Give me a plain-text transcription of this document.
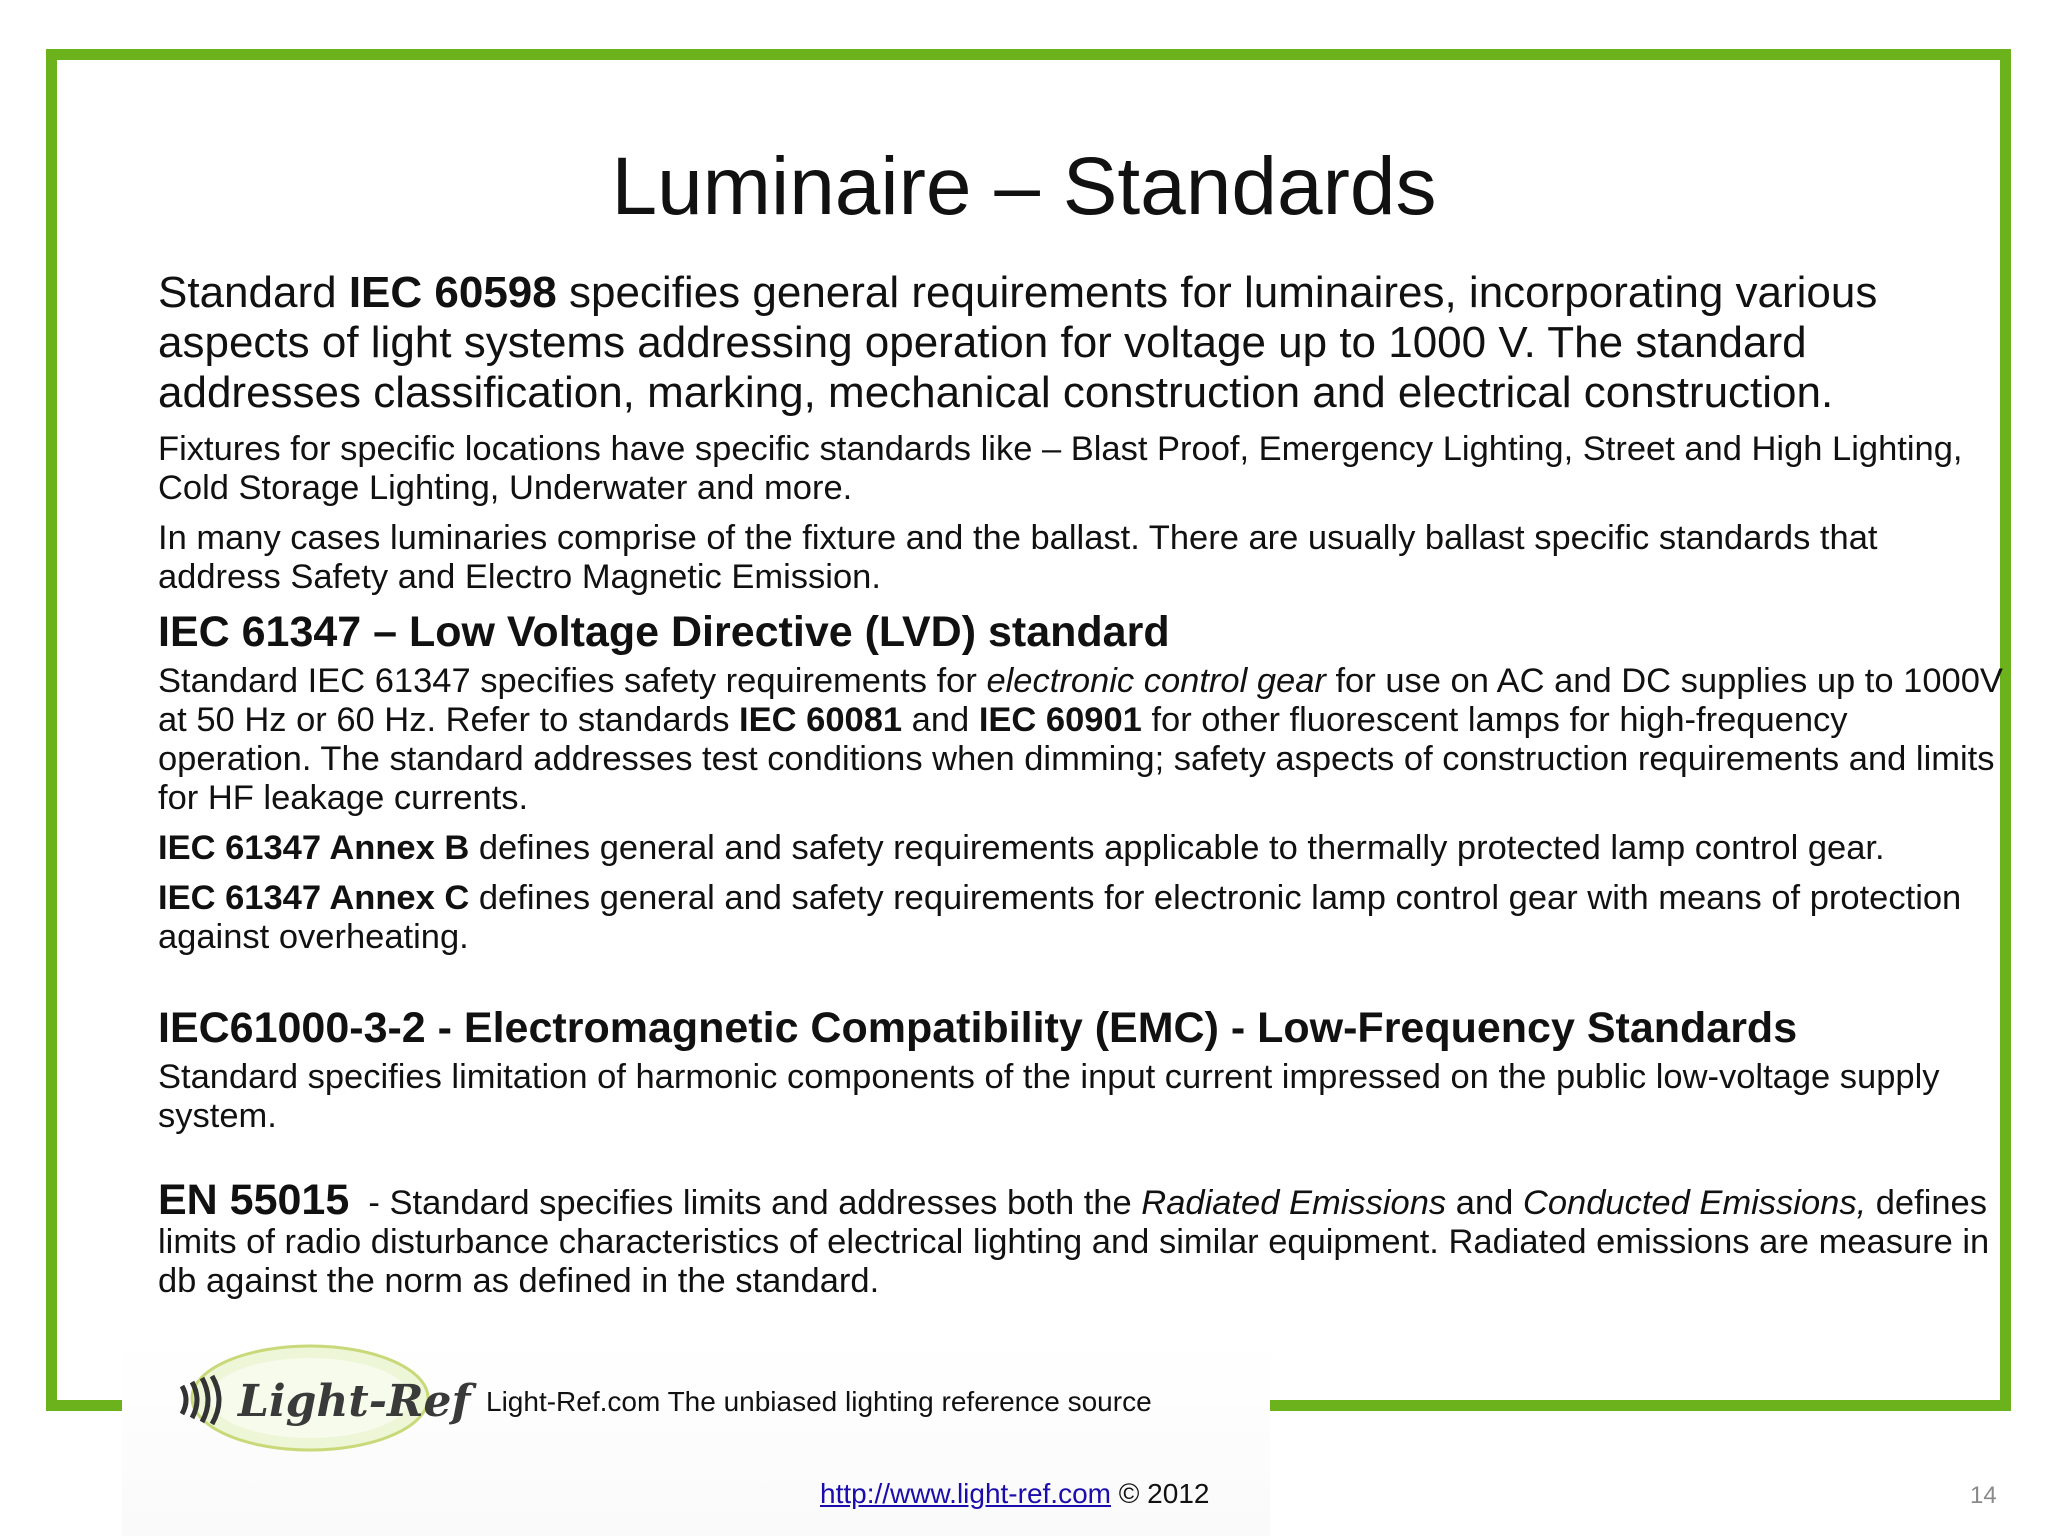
Luminaire – Standards

Standard IEC 60598 specifies general requirements for luminaires, incorporating various aspects of light systems addressing operation for voltage up to 1000 V. The standard addresses classification, marking, mechanical construction and electrical construction.

Fixtures for specific locations have specific standards like – Blast Proof, Emergency Lighting, Street and High Lighting, Cold Storage Lighting, Underwater and more.

In many cases luminaries comprise of the fixture and the ballast. There are usually ballast specific standards that address Safety and Electro Magnetic Emission.

IEC 61347 – Low Voltage Directive (LVD) standard

Standard IEC 61347 specifies safety requirements for electronic control gear for use on AC and DC supplies up to 1000V at 50 Hz or 60 Hz. Refer to standards IEC 60081 and IEC 60901 for other fluorescent lamps for high-frequency operation. The standard addresses test conditions when dimming; safety aspects of construction requirements and limits for HF leakage currents.

IEC 61347 Annex B defines general and safety requirements applicable to thermally protected lamp control gear.

IEC 61347 Annex C defines general and safety requirements for electronic lamp control gear with means of protection against overheating.

IEC61000-3-2 - Electromagnetic Compatibility (EMC) - Low-Frequency Standards

Standard specifies limitation of harmonic components of the input current impressed on the public low-voltage supply system.

EN 55015  - Standard specifies limits and addresses both the Radiated Emissions and Conducted Emissions, defines limits of radio disturbance characteristics of electrical lighting and similar equipment. Radiated emissions are measure in db against the norm as defined in the standard.

Light-Ref Light-Ref.com The unbiased lighting reference source
http://www.light-ref.com © 2012	14
